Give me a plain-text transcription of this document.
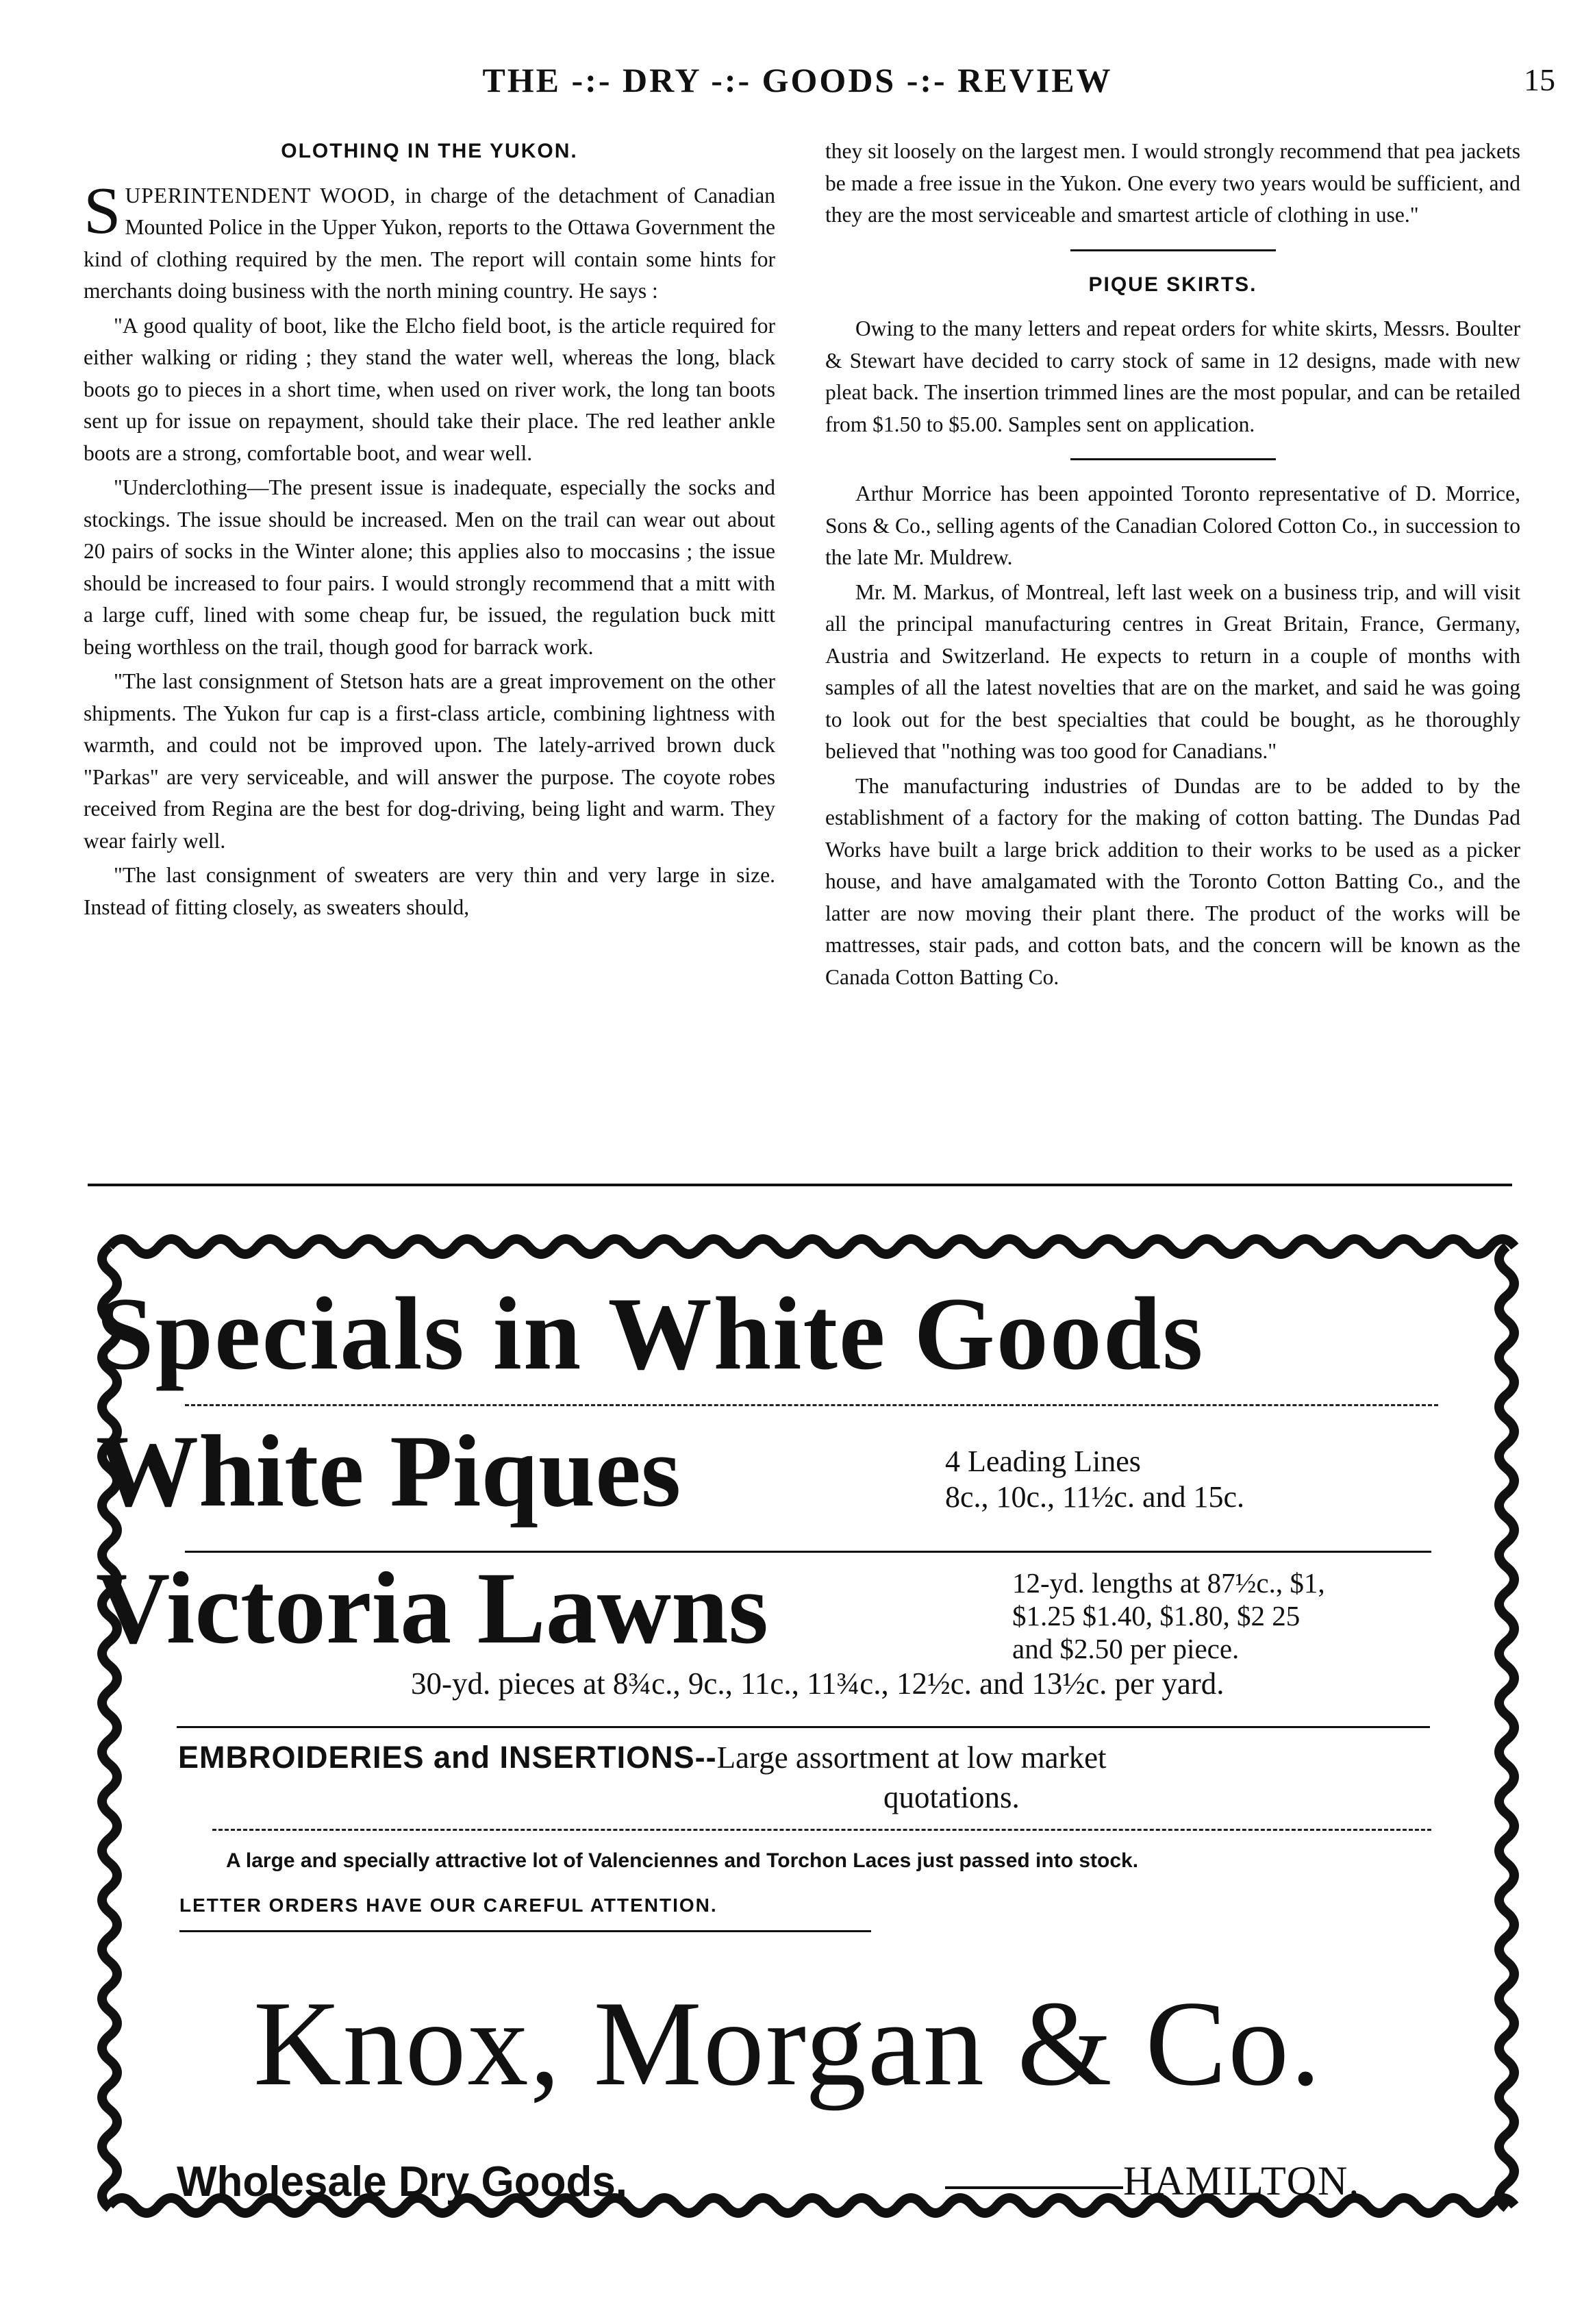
THE -:- DRY -:- GOODS -:- REVIEW	15
OLOTHINQ IN THE YUKON.

SUPERINTENDENT WOOD, in charge of the detachment of Canadian Mounted Police in the Upper Yukon, reports to the Ottawa Government the kind of clothing required by the men. The report will contain some hints for merchants doing business with the north mining country. He says :

"A good quality of boot, like the Elcho field boot, is the article required for either walking or riding ; they stand the water well, whereas the long, black boots go to pieces in a short time, when used on river work, the long tan boots sent up for issue on repayment, should take their place. The red leather ankle boots are a strong, comfortable boot, and wear well.

"Underclothing—The present issue is inadequate, especially the socks and stockings. The issue should be increased. Men on the trail can wear out about 20 pairs of socks in the Winter alone; this applies also to moccasins ; the issue should be increased to four pairs. I would strongly recommend that a mitt with a large cuff, lined with some cheap fur, be issued, the regulation buck mitt being worthless on the trail, though good for barrack work.

"The last consignment of Stetson hats are a great improvement on the other shipments. The Yukon fur cap is a first-class article, combining lightness with warmth, and could not be improved upon. The lately-arrived brown duck "Parkas" are very serviceable, and will answer the purpose. The coyote robes received from Regina are the best for dog-driving, being light and warm. They wear fairly well.

"The last consignment of sweaters are very thin and very large in size. Instead of fitting closely, as sweaters should,

they sit loosely on the largest men. I would strongly recommend that pea jackets be made a free issue in the Yukon. One every two years would be sufficient, and they are the most serviceable and smartest article of clothing in use."

PIQUE SKIRTS.

Owing to the many letters and repeat orders for white skirts, Messrs. Boulter & Stewart have decided to carry stock of same in 12 designs, made with new pleat back. The insertion trimmed lines are the most popular, and can be retailed from $1.50 to $5.00. Samples sent on application.

Arthur Morrice has been appointed Toronto representative of D. Morrice, Sons & Co., selling agents of the Canadian Colored Cotton Co., in succession to the late Mr. Muldrew.

Mr. M. Markus, of Montreal, left last week on a business trip, and will visit all the principal manufacturing centres in Great Britain, France, Germany, Austria and Switzerland. He expects to return in a couple of months with samples of all the latest novelties that are on the market, and said he was going to look out for the best specialties that could be bought, as he thoroughly believed that "nothing was too good for Canadians."

The manufacturing industries of Dundas are to be added to by the establishment of a factory for the making of cotton batting. The Dundas Pad Works have built a large brick addition to their works to be used as a picker house, and have amalgamated with the Toronto Cotton Batting Co., and the latter are now moving their plant there. The product of the works will be mattresses, stair pads, and cotton bats, and the concern will be known as the Canada Cotton Batting Co.

Specials in White Goods
White Piques	4 Leading Lines
8c., 10c., 11½c. and 15c.
Victoria Lawns	12-yd. lengths at 87½c., $1,
$1.25 $1.40, $1.80, $2 25
and $2.50 per piece.
30-yd. pieces at 8¾c., 9c., 11c., 11¾c., 12½c. and 13½c. per yard.
EMBROIDERIES and INSERTIONS--Large assortment at low market
quotations.
A large and specially attractive lot of Valenciennes and Torchon Laces just passed into stock.
LETTER ORDERS HAVE OUR CAREFUL ATTENTION.
Knox, Morgan & Co.
Wholesale Dry Goods.	HAMILTON.
